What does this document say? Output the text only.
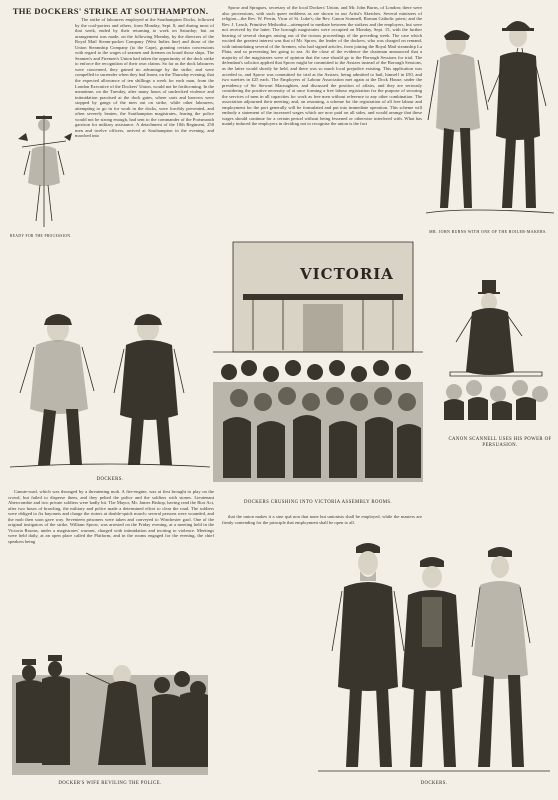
THE DOCKERS' STRIKE AT SOUTHAMPTON.

The strike of labourers employed at the Southampton Docks, followed by the coal-porters and others, from Monday, Sept. 8, and during most of that week, ended by their returning to work on Saturday; but an arrangement was made, on the following Monday, by the directors of the Royal Mail Steam-packet Company (West Indies line) and those of the Union Steamship Company (to the Cape), granting certain concessions with regard to the wages of seamen and firemen on board those ships. The Seamen's and Firemen's Union had taken the opportunity of the dock strike to enforce the recognition of their own claims. So far as the dock labourers were concerned, they gained no advantage by the strike, and were compelled to surrender when they had learnt, on the Thursday evening, that the expected allowance of ten shillings a week for each man, from the London Executive of the Dockers' Union, would not be forthcoming. In the meantime, on the Tuesday, after many hours of unchecked violence and intimidation practised at the dock gates, where carts and barrows were stopped by gangs of the men out on strike, while other labourers, attempting to go in for work in the docks, were forcibly prevented, and often severely beaten, the Southampton magistrates, fearing the police would not be strong enough, had sent to the commander of the Portsmouth garrison for military assistance. A detachment of the 10th Regiment, 250 men and twelve officers, arrived at Southampton in the evening, and marched into

Sprow and Spragues, secretary of the local Dockers' Union, and Mr. John Burns, of London; there were also processions, with such queer emblems as are shown in our Artist's Sketches. Several ministers of religion—the Rev. W. Perrin, Vicar of St. Luke's; the Rev. Canon Scannell, Roman Catholic priest; and the Rev. J. Leach, Primitive Methodist—attempted to mediate between the strikers and the employers, but were not received by the latter. The borough magistrates were occupied on Monday, Sept. 15, with the further hearing of several charges arising out of the riotous proceedings of the preceding week. The case which excited the greatest interest was that of Mr. Sprow, the leader of the dockers, who was charged on remand, with intimidating several of the firemen, who had signed articles, from joining the Royal Mail steamship La Plata, and so preventing her going to sea. At the close of the evidence the chairman announced that a majority of the magistrates were of opinion that the case should go to the Borough Sessions for trial. The defendant's solicitor applied that Sprow might be committed to the Assizes instead of the Borough Sessions, as the latter would shortly be held, and there was so much local prejudice existing. This application was acceded to, and Sprow was committed for trial at the Assizes, being admitted to bail, himself in £50, and two sureties in £25 each. The Employers of Labour Association met again at the Dock House, under the presidency of Sir Stewart Macnaghten, and discussed the position of affairs, and they are seriously considering the positive necessity of at once forming a free labour registration for the purpose of securing the services of men in all capacities for work as free men without reference to any other combination. The association adjourned their meeting; and, on resuming, a scheme for the registration of all free labour and employment for the port generally will be formulated and put into immediate operation. This scheme will embody a statement of the increased wages which are now paid on all sides, and would arrange that these wages should continue for a certain period without being lessened or otherwise interfered with. What has mainly induced the employers in deciding not to recognise the union is the fact

READY FOR THE PROCESSION.
MR. JOHN BURNS WITH ONE OF THE BOILER-MAKERS.
DOCKERS.
VICTORIA
DOCKERS CRUSHING INTO VICTORIA ASSEMBLY ROOMS.
CANON SCANNELL USES HIS POWER OF PERSUASION.

Canute-road, which was thronged by a threatening mob. A fire-engine, was at first brought to play on the crowd, but failed to disperse them, and they pelted the police and the soldiers with stones. Lieutenant Abercrombie and two private soldiers were badly hit. The Mayor, Mr. James Bishop, having read the Riot Act, after two hours of brawling, the military and police made a determined effort to clear the road. The soldiers were obliged to fix bayonets and charge the rioters at double-quick march; several persons were wounded, and the mob then soon gave way. Seventeen prisoners were taken and conveyed to Winchester gaol. One of the original instigators of the strike, William Sprow, was arrested on the Friday evening, at a meeting held in the Victoria Rooms, under a magistrates' warrant, charged with intimidation and inciting to violence. Meetings were held daily, at an open place called the Platform, and in the rooms engaged for the evening, the chief speakers being

that the union makes it a sine quâ non that none but unionists shall be employed, while the masters are firmly contending for the principle that employment shall be open to all.

DOCKER'S WIFE REVILING THE POLICE.	DOCKERS.
